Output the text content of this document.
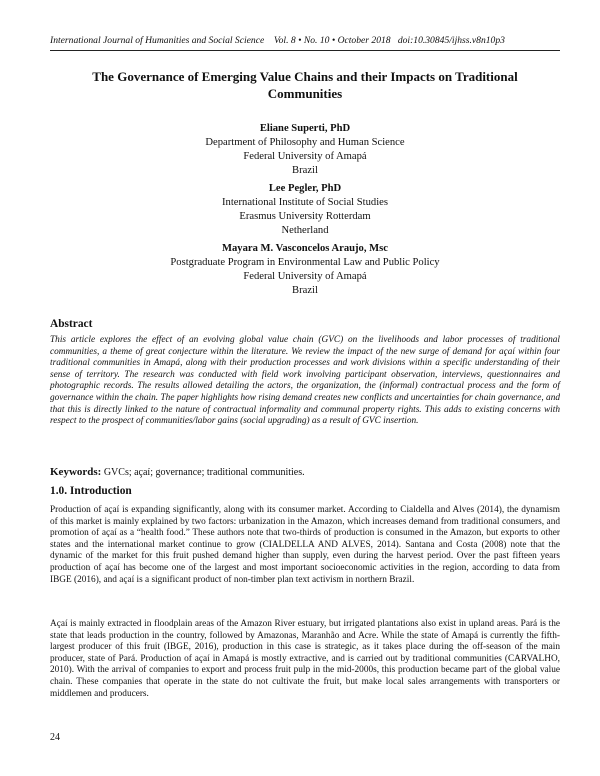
International Journal of Humanities and Social Science Vol. 8 • No. 10 • October 2018 doi:10.30845/ijhss.v8n10p3
The Governance of Emerging Value Chains and their Impacts on Traditional Communities
Eliane Superti, PhD
Department of Philosophy and Human Science
Federal University of Amapá
Brazil
Lee Pegler, PhD
International Institute of Social Studies
Erasmus University Rotterdam
Netherland
Mayara M. Vasconcelos Araujo, Msc
Postgraduate Program in Environmental Law and Public Policy
Federal University of Amapá
Brazil
Abstract
This article explores the effect of an evolving global value chain (GVC) on the livelihoods and labor processes of traditional communities, a theme of great conjecture within the literature. We review the impact of the new surge of demand for açaí within four traditional communities in Amapá, along with their production processes and work divisions within a specific understanding of their sense of territory. The research was conducted with field work involving participant observation, interviews, questionnaires and photographic records. The results allowed detailing the actors, the organization, the (informal) contractual process and the form of governance within the chain. The paper highlights how rising demand creates new conflicts and uncertainties for chain governance, and that this is directly linked to the nature of contractual informality and communal property rights. This adds to existing concerns with respect to the prospect of communities/labor gains (social upgrading) as a result of GVC insertion.
Keywords: GVCs; açaí; governance; traditional communities.
1.0. Introduction
Production of açaí is expanding significantly, along with its consumer market. According to Cialdella and Alves (2014), the dynamism of this market is mainly explained by two factors: urbanization in the Amazon, which increases demand from traditional consumers, and promotion of açaí as a “health food.” These authors note that two-thirds of production is consumed in the Amazon, but exports to other states and the international market continue to grow (CIALDELLA AND ALVES, 2014). Santana and Costa (2008) note that the dynamic of the market for this fruit pushed demand higher than supply, even during the harvest period. Over the past fifteen years production of açaí has become one of the largest and most important socioeconomic activities in the region, according to data from IBGE (2016), and açaí is a significant product of non-timber plan text activism in northern Brazil.
Açaí is mainly extracted in floodplain areas of the Amazon River estuary, but irrigated plantations also exist in upland areas. Pará is the state that leads production in the country, followed by Amazonas, Maranhão and Acre. While the state of Amapá is currently the fifth-largest producer of this fruit (IBGE, 2016), production in this case is strategic, as it takes place during the off-season of the main producer, state of Pará. Production of açaí in Amapá is mostly extractive, and is carried out by traditional communities (CARVALHO, 2010). With the arrival of companies to export and process fruit pulp in the mid-2000s, this production became part of the global value chain. These companies that operate in the state do not cultivate the fruit, but make local sales arrangements with transporters or middlemen and producers.
24
